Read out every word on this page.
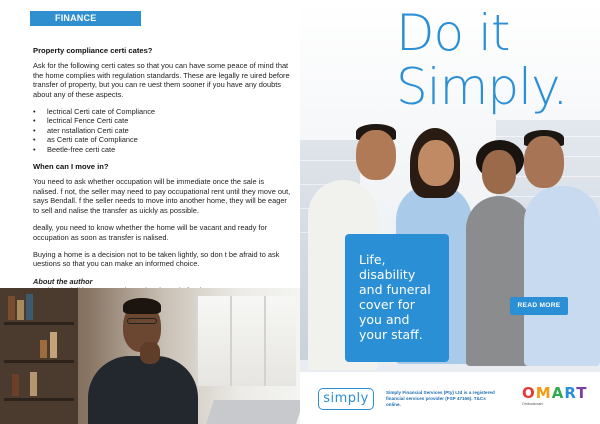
FINANCE
Property compliance certi cates?

Ask for the following certi cates so that you can have some peace of mind that the home complies with regulation standards. These are legally re uired before transfer of property, but you can re uest them sooner if you have any doubts about any of these aspects.

• lectrical Certi cate of Compliance
• lectrical Fence Certi cate
• ater nstallation Certi cate
• as Certi cate of Compliance
• Beetle-free certi cate
When can I move in?

You need to ask whether occupation will be immediate once the sale is nalised. f not, the seller may need to pay occupational rent until they move out, says Bendall. f the seller needs to move into another home, they will be eager to sell and nalise the transfer as uickly as possible.

deally, you need to know whether the home will be vacant and ready for occupation as soon as transfer is nalised.

Buying a home is a decision not to be taken lightly, so don t be afraid to ask uestions so that you can make an informed choice.

About the author

Do it
Simply.
Life, disability and funeral cover for you and your staff.
READ MORE
simply	Simply Financial Services (Pty) Ltd is a registered financial services provider (FSP 47166). T&Cs online.
OMART
Ombudsman
